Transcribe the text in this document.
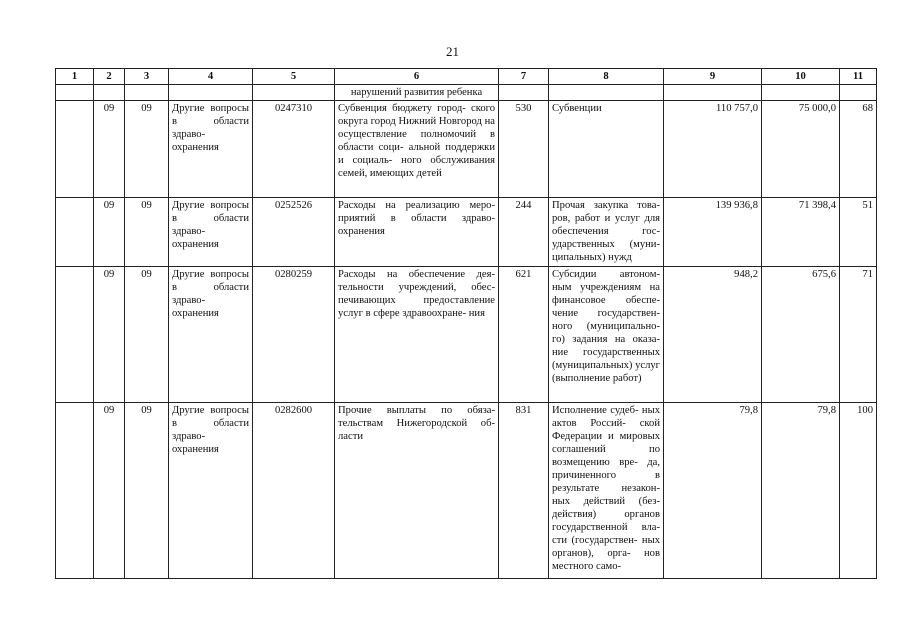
21
1	2	3	4	5	6	7	8	9	10	11
					нарушений развития ребенка					
	09	09	Другие вопросы в области здраво- охранения	0247310	Субвенция бюджету город- ского округа город Нижний Новгород на осуществление полномочий в области соци- альной поддержки и социаль- ного обслуживания семей, имеющих детей	530	Субвенции	110 757,0	75 000,0	68
	09	09	Другие вопросы в области здраво- охранения	0252526	Расходы на реализацию меро- приятий в области здраво- охранения	244	Прочая закупка това- ров, работ и услуг для обеспечения гос- ударственных (муни- ципальных) нужд	139 936,8	71 398,4	51
	09	09	Другие вопросы в области здраво- охранения	0280259	Расходы на обеспечение дея- тельности учреждений, обес- печивающих предоставление услуг в сфере здравоохране- ния	621	Субсидии автоном- ным учреждениям на финансовое обеспе- чение государствен- ного (муниципально- го) задания на оказа- ние государственных (муниципальных) услуг (выполнение работ)	948,2	675,6	71
	09	09	Другие вопросы в области здраво- охранения	0282600	Прочие выплаты по обяза- тельствам Нижегородской об- ласти	831	Исполнение судеб- ных актов Россий- ской Федерации и мировых соглашений по возмещению вре- да, причиненного в результате незакон- ных действий (без- действия) органов государственной вла- сти (государствен- ных органов), орга- нов местного само-	79,8	79,8	100
